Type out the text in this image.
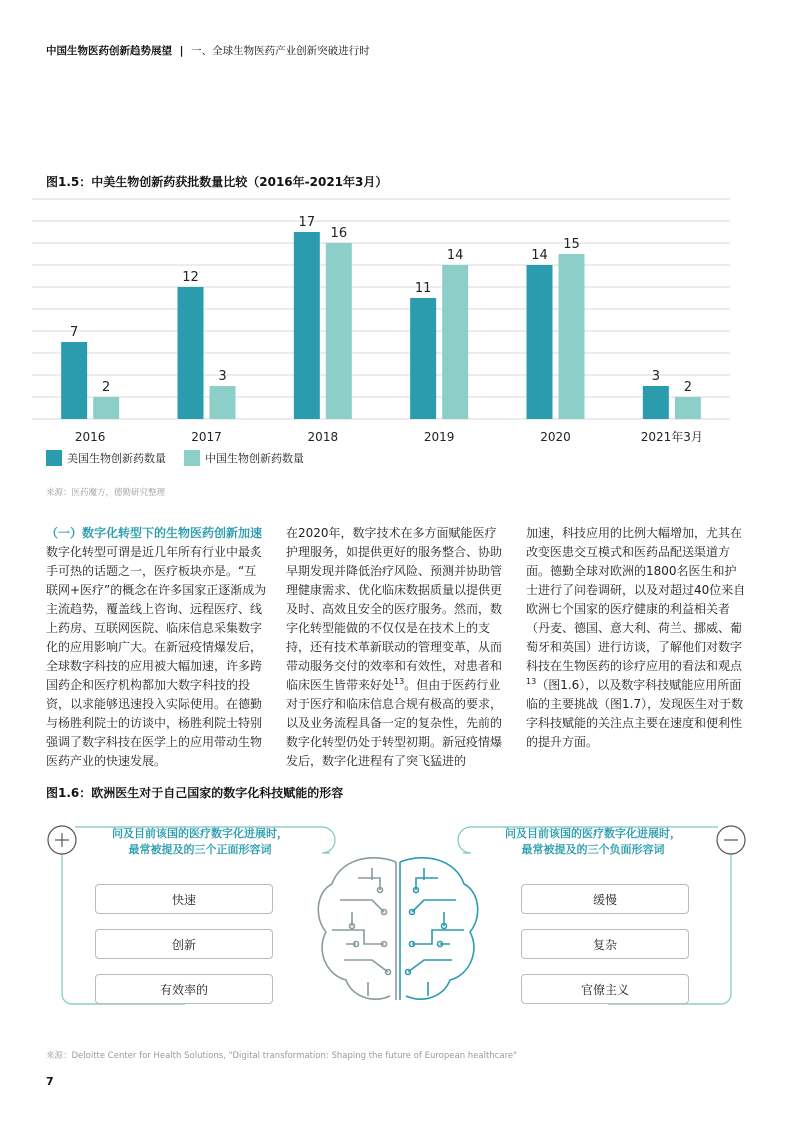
中国生物医药创新趋势展望 | 一、全球生物医药产业创新突破进行时
图1.5：中美生物创新药获批数量比较（2016年-2021年3月）
7
2
12
3
17
16
11
14	14
15
3
2
2016	2017	2018	2019	2020	2021年3月
美国生物创新药数量	中国生物创新药数量
来源：医药魔方，德勤研究整理

（一）数字化转型下的生物医药创新加速

数字化转型可谓是近几年所有行业中最炙手可热的话题之一，医疗板块亦是。“互联网+医疗”的概念在许多国家正逐渐成为主流趋势，覆盖线上咨询、远程医疗、线上药房、互联网医院、临床信息采集数字化的应用影响广大。在新冠疫情爆发后，全球数字科技的应用被大幅加速，许多跨国药企和医疗机构都加大数字科技的投资，以求能够迅速投入实际使用。在德勤与杨胜利院士的访谈中，杨胜利院士特别强调了数字科技在医学上的应用带动生物医药产业的快速发展。

在2020年，数字技术在多方面赋能医疗护理服务，如提供更好的服务整合、协助早期发现并降低治疗风险、预测并协助管理健康需求、优化临床数据质量以提供更及时、高效且安全的医疗服务。然而，数字化转型能做的不仅仅是在技术上的支持，还有技术革新联动的管理变革，从而带动服务交付的效率和有效性，对患者和临床医生皆带来好处$^{13}$。但由于医药行业对于医疗和临床信息合规有极高的要求，以及业务流程具备一定的复杂性，先前的数字化转型仍处于转型初期。新冠疫情爆发后，数字化进程有了突飞猛进的

加速，科技应用的比例大幅增加，尤其在改变医患交互模式和医药品配送渠道方面。德勤全球对欧洲的1800名医生和护士进行了问卷调研，以及对超过40位来自欧洲七个国家的医疗健康的利益相关者（丹麦、德国、意大利、荷兰、挪威、葡萄牙和英国）进行访谈，了解他们对数字科技在生物医药的诊疗应用的看法和观点$^{13}$（图1.6），以及数字科技赋能应用所面临的主要挑战（图1.7），发现医生对于数字科技赋能的关注点主要在速度和便利性的提升方面。

图1.6：欧洲医生对于自己国家的数字化科技赋能的形容
问及目前该国的医疗数字化进展时，
最常被提及的三个正面形容词
问及目前该国的医疗数字化进展时，
最常被提及的三个负面形容词
快速
创新
有效率的
缓慢
复杂
官僚主义
来源：Deloitte Center for Health Solutions, "Digital transformation: Shaping the future of European healthcare"
7
